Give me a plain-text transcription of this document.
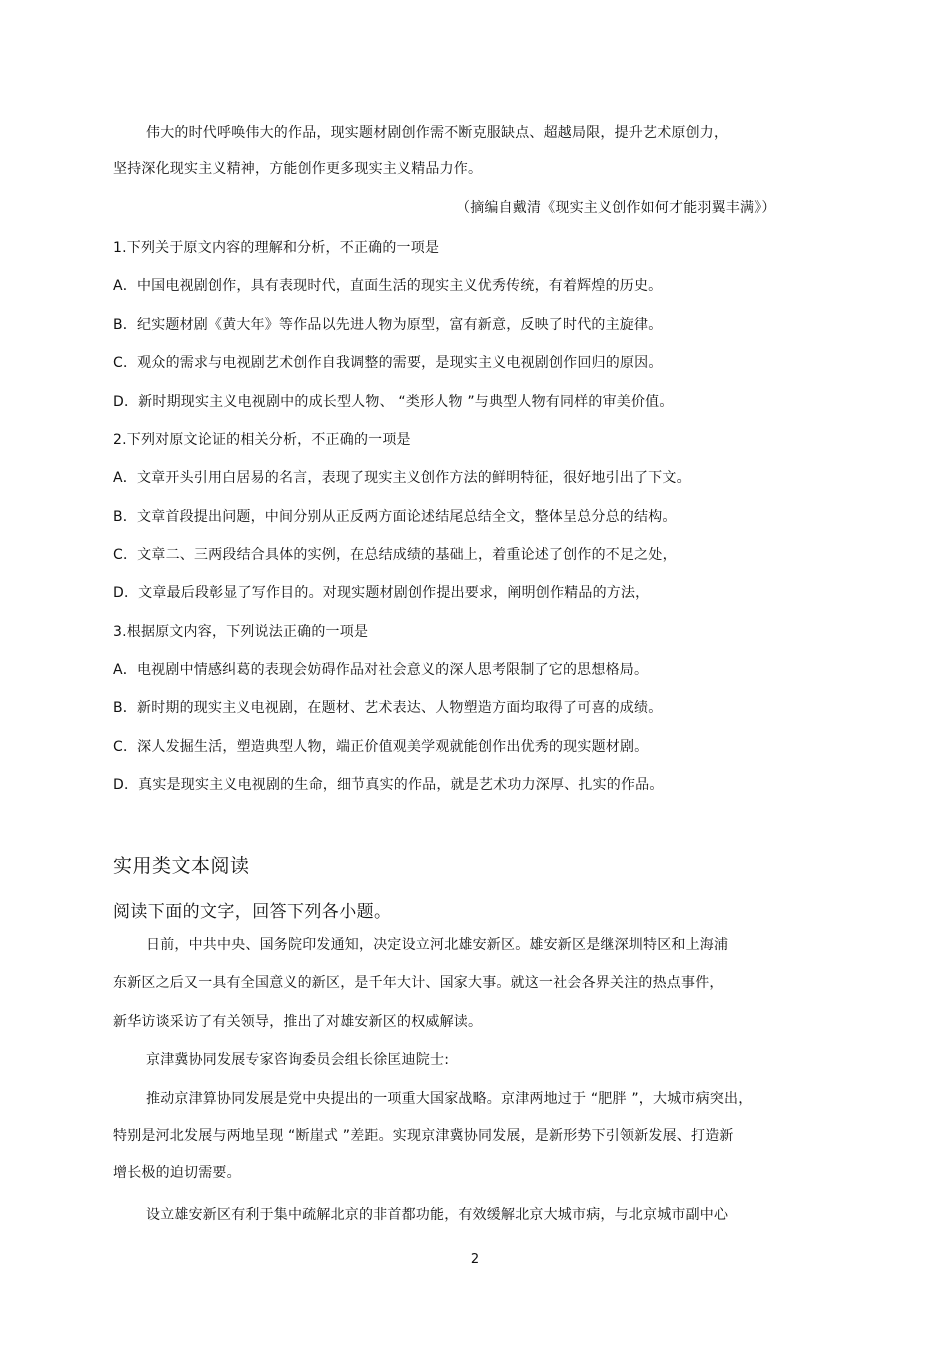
伟大的时代呼唤伟大的作品，现实题材剧创作需不断克服缺点、超越局限，提升艺术原创力，
坚持深化现实主义精神，方能创作更多现实主义精品力作。
（摘编自戴清《现实主义创作如何才能羽翼丰满》）
1.下列关于原文内容的理解和分析，不正确的一项是
A．中国电视剧创作，具有表现时代，直面生活的现实主义优秀传统，有着辉煌的历史。
B．纪实题材剧《黄大年》等作品以先进人物为原型，富有新意，反映了时代的主旋律。
C．观众的需求与电视剧艺术创作自我调整的需要，是现实主义电视剧创作回归的原因。
D．新时期现实主义电视剧中的成长型人物、 “类形人物 ”与典型人物有同样的审美价值。
2.下列对原文论证的相关分析，不正确的一项是
A．文章开头引用白居易的名言，表现了现实主义创作方法的鲜明特征，很好地引出了下文。
B．文章首段提出问题，中间分别从正反两方面论述结尾总结全文，整体呈总分总的结构。
C．文章二、三两段结合具体的实例，在总结成绩的基础上，着重论述了创作的不足之处，
D．文章最后段彰显了写作目的。对现实题材剧创作提出要求，阐明创作精品的方法，
3.根据原文内容，下列说法正确的一项是
A．电视剧中情感纠葛的表现会妨碍作品对社会意义的深人思考限制了它的思想格局。
B．新时期的现实主义电视剧，在题材、艺术表达、人物塑造方面均取得了可喜的成绩。
C．深人发掘生活，塑造典型人物，端正价值观美学观就能创作出优秀的现实题材剧。
D．真实是现实主义电视剧的生命，细节真实的作品，就是艺术功力深厚、扎实的作品。
实用类文本阅读
阅读下面的文字，回答下列各小题。
日前，中共中央、国务院印发通知，决定设立河北雄安新区。雄安新区是继深圳特区和上海浦
东新区之后又一具有全国意义的新区，是千年大计、国家大事。就这一社会各界关注的热点事件，
新华访谈采访了有关领导，推出了对雄安新区的权威解读。
京津冀协同发展专家咨询委员会组长徐匡迪院士:
推动京津算协同发展是党中央提出的一项重大国家战略。京津两地过于 “肥胖 ”，大城市病突出，
特别是河北发展与两地呈现 “断崖式 ”差距。实现京津冀协同发展，是新形势下引领新发展、打造新
增长极的迫切需要。
设立雄安新区有利于集中疏解北京的非首都功能，有效缓解北京大城市病，与北京城市副中心
2
